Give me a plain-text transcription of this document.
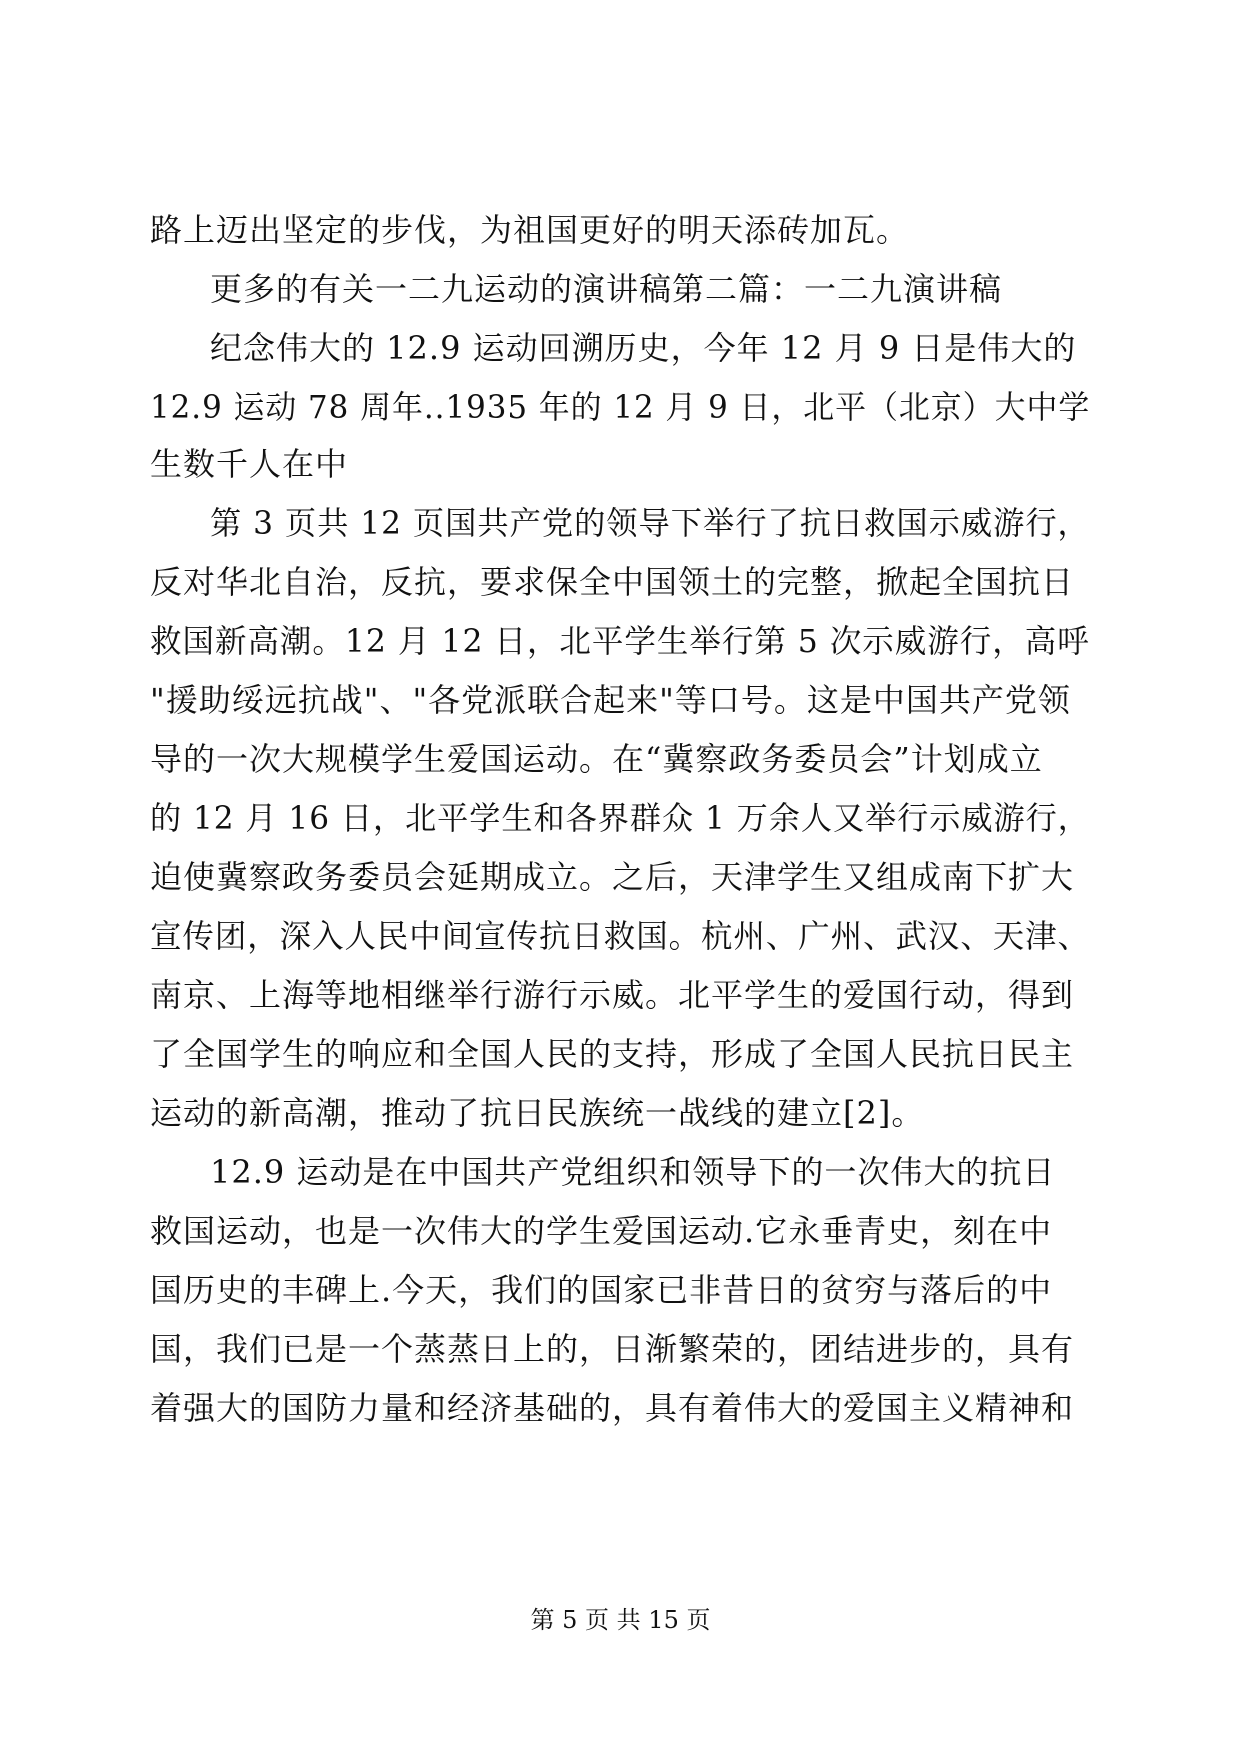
路上迈出坚定的步伐，为祖国更好的明天添砖加瓦。
更多的有关一二九运动的演讲稿第二篇：一二九演讲稿
纪念伟大的 12.9 运动回溯历史，今年 12 月 9 日是伟大的
12.9 运动 78 周年..1935 年的 12 月 9 日，北平（北京）大中学
生数千人在中
第 3 页共 12 页国共产党的领导下举行了抗日救国示威游行，
反对华北自治，反抗，要求保全中国领土的完整，掀起全国抗日
救国新高潮。12 月 12 日，北平学生举行第 5 次示威游行，高呼
"援助绥远抗战"、"各党派联合起来"等口号。这是中国共产党领
导的一次大规模学生爱国运动。在“冀察政务委员会”计划成立
的 12 月 16 日，北平学生和各界群众 1 万余人又举行示威游行，
迫使冀察政务委员会延期成立。之后，天津学生又组成南下扩大
宣传团，深入人民中间宣传抗日救国。杭州、广州、武汉、天津、
南京、上海等地相继举行游行示威。北平学生的爱国行动，得到
了全国学生的响应和全国人民的支持，形成了全国人民抗日民主
运动的新高潮，推动了抗日民族统一战线的建立[2]。
12.9 运动是在中国共产党组织和领导下的一次伟大的抗日
救国运动，也是一次伟大的学生爱国运动.它永垂青史，刻在中
国历史的丰碑上.今天，我们的国家已非昔日的贫穷与落后的中
国，我们已是一个蒸蒸日上的，日渐繁荣的，团结进步的，具有
着强大的国防力量和经济基础的，具有着伟大的爱国主义精神和
第 5 页 共 15 页
